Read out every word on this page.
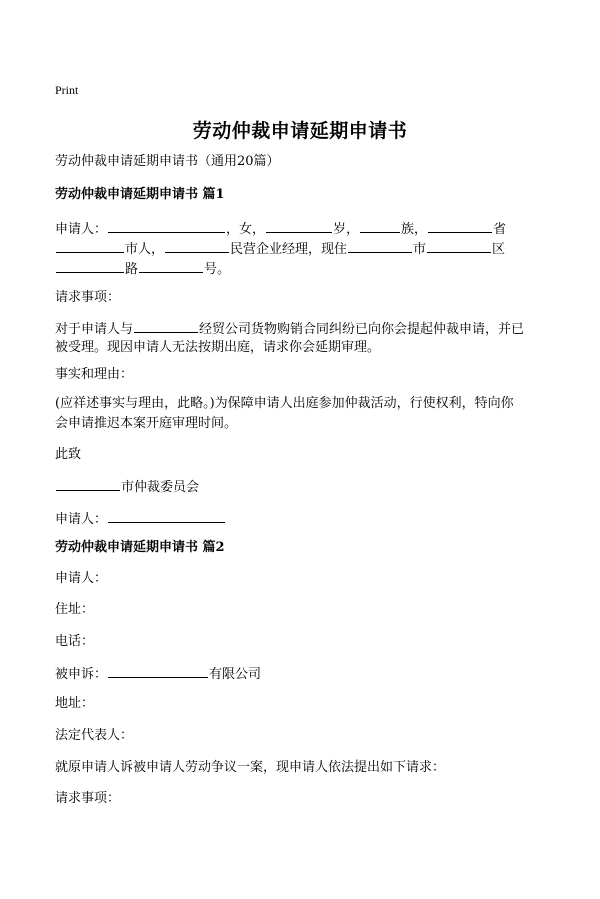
Print
劳动仲裁申请延期申请书
劳动仲裁申请延期申请书（通用20篇）
劳动仲裁申请延期申请书 篇1
申请人：	，女，	岁，	族，	省
市人，	民营企业经理，现住	市	区
路	号。
请求事项：
对于申请人与	经贸公司货物购销合同纠纷已向你会提起仲裁申请，并已
被受理。现因申请人无法按期出庭，请求你会延期审理。
事实和理由：
(应祥述事实与理由，此略。)为保障申请人出庭参加仲裁活动，行使权利，特向你
会申请推迟本案开庭审理时间。
此致
市仲裁委员会
申请人：
劳动仲裁申请延期申请书 篇2
申请人：
住址：
电话：
被申诉：	有限公司
地址：
法定代表人：
就原申请人诉被申请人劳动争议一案，现申请人依法提出如下请求：
请求事项：
